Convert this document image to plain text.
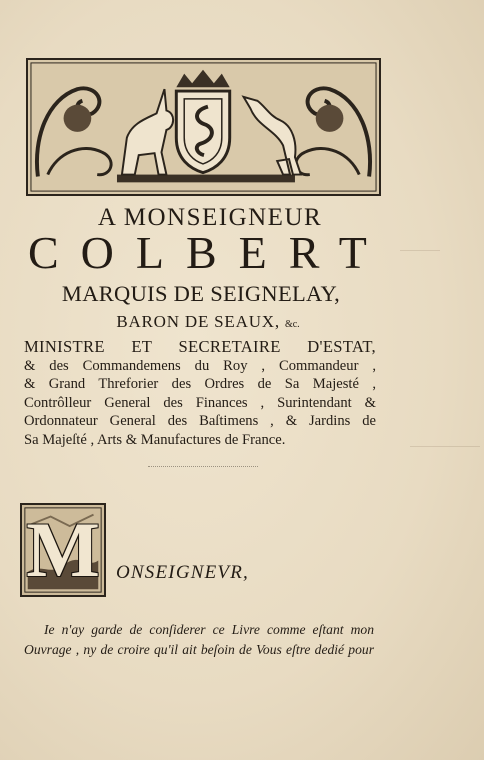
A MONSEIGNEUR
COLBERT
MARQUIS DE SEIGNELAY,
BARON DE SEAUX, &c.
MINISTRE ET SECRETAIRE D'ESTAT,
& des Commandemens du Roy , Commandeur ,
& Grand Threforier des Ordres de Sa Majesté ,
Contrôlleur General des Finances , Surintendant &
Ordonnateur General des Baſtimens , & Jardins de
Sa Majeſté , Arts & Manufactures de France.
M ONSEIGNEVR,
Ie n'ay garde de conſiderer ce Livre comme eſtant mon
Ouvrage , ny de croire qu'il ait beſoin de Vous eſtre dedié pour
